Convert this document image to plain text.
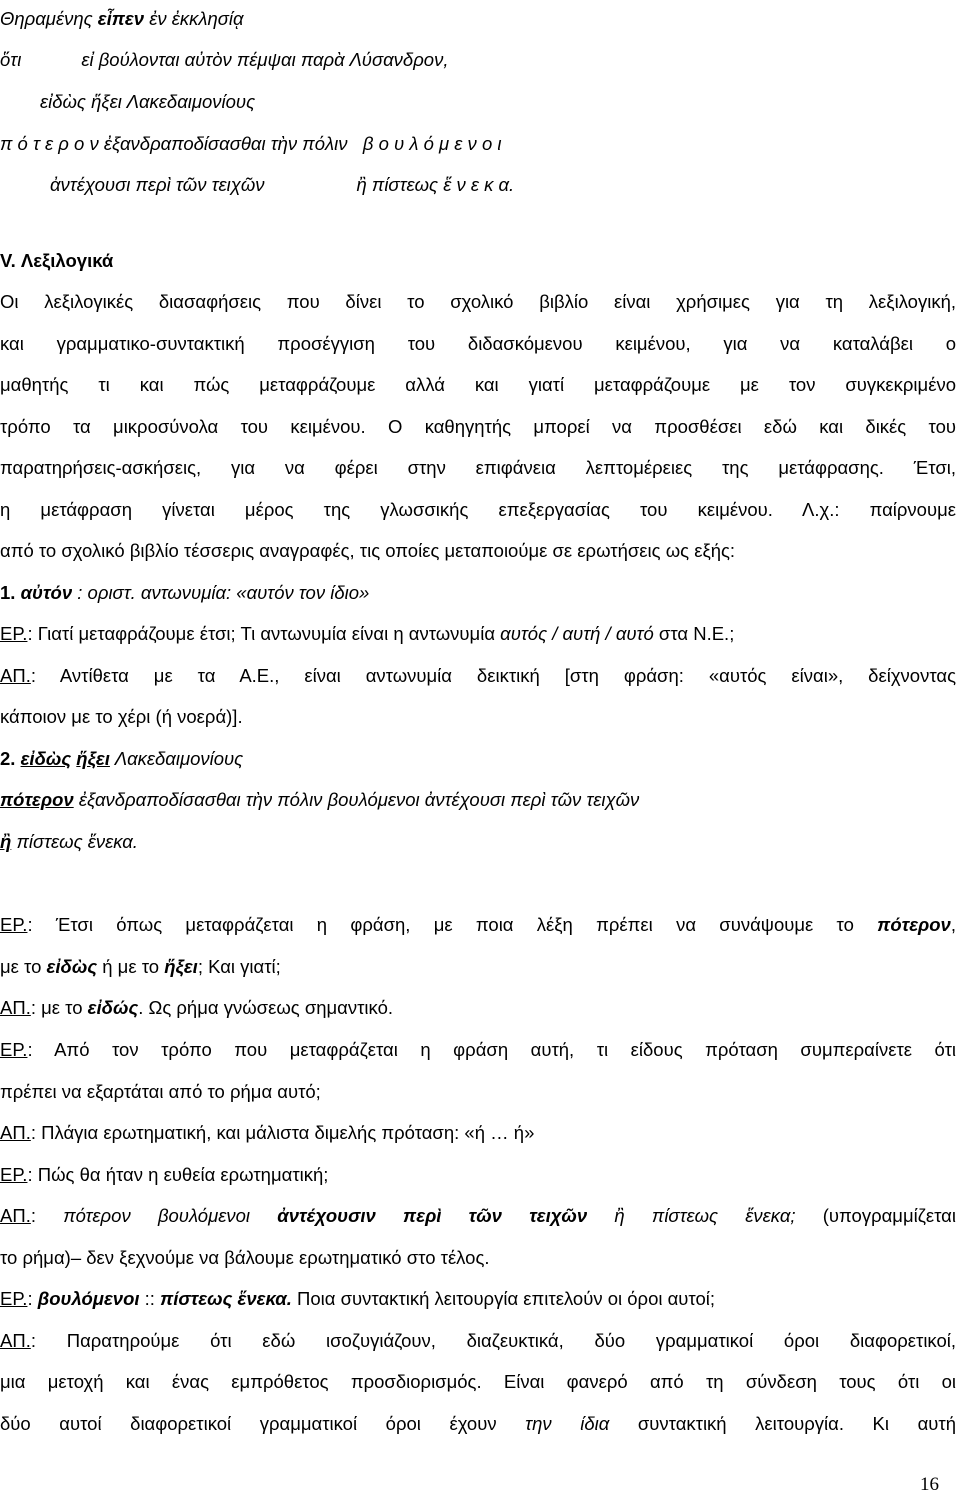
Θηραμένης εἶπεν ἐν ἐκκλησίᾳ
ὅτι	εἰ βούλονται αὐτὸν πέμψαι παρὰ Λύσανδρον,
εἰδὼς ἥξει Λακεδαιμονίους
π ό τ ε ρ ο ν ἐξανδραποδίσασθαι τὴν πόλιν β ο υ λ ό μ ε ν ο ι
ἀντέχουσι περὶ τῶν τειχῶν	ἢ πίστεως ἕ ν ε κ α.
V. Λεξιλογικά
Οι λεξιλογικές διασαφήσεις που δίνει το σχολικό βιβλίο είναι χρήσιμες για τη λεξιλογική,
και γραμματικο-συντακτική προσέγγιση του διδασκόμενου κειμένου, για να καταλάβει ο
μαθητής τι και πώς μεταφράζουμε αλλά και γιατί μεταφράζουμε με τον συγκεκριμένο
τρόπο τα μικροσύνολα του κειμένου. Ο καθηγητής μπορεί να προσθέσει εδώ και δικές του
παρατηρήσεις-ασκήσεις, για να φέρει στην επιφάνεια λεπτομέρειες της μετάφρασης. Έτσι,
η μετάφραση γίνεται μέρος της γλωσσικής επεξεργασίας του κειμένου. Λ.χ.: παίρνουμε
από το σχολικό βιβλίο τέσσερις αναγραφές, τις οποίες μεταποιούμε σε ερωτήσεις ως εξής:
1. αὐτόν : οριστ. αντωνυμία: «αυτόν τον ίδιο»
ΕΡ.: Γιατί μεταφράζουμε έτσι; Τι αντωνυμία είναι η αντωνυμία αυτός / αυτή / αυτό στα Ν.Ε.;
ΑΠ.: Αντίθετα με τα Α.Ε., είναι αντωνυμία δεικτική [στη φράση: «αυτός είναι», δείχνοντας
κάποιον με το χέρι (ή νοερά)].
2. εἰδὼς ἥξει Λακεδαιμονίους
πότερον ἐξανδραποδίσασθαι τὴν πόλιν βουλόμενοι ἀντέχουσι περὶ τῶν τειχῶν
ἢ πίστεως ἕνεκα.
ΕΡ.: Έτσι όπως μεταφράζεται η φράση, με ποια λέξη πρέπει να συνάψουμε το πότερον,
με το εἰδὼς ή με το ἥξει; Και γιατί;
ΑΠ.: με το εἰδώς. Ως ρήμα γνώσεως σημαντικό.
ΕΡ.: Από τον τρόπο που μεταφράζεται η φράση αυτή, τι είδους πρόταση συμπεραίνετε ότι
πρέπει να εξαρτάται από το ρήμα αυτό;
ΑΠ.: Πλάγια ερωτηματική, και μάλιστα διμελής πρόταση: «ή … ή»
ΕΡ.: Πώς θα ήταν η ευθεία ερωτηματική;
ΑΠ.: πότερον βουλόμενοι ἀντέχουσιν περὶ τῶν τειχῶν ἢ πίστεως ἕνεκα; (υπογραμμίζεται
το ρήμα)– δεν ξεχνούμε να βάλουμε ερωτηματικό στο τέλος.
ΕΡ.: βουλόμενοι :: πίστεως ἕνεκα. Ποια συντακτική λειτουργία επιτελούν οι όροι αυτοί;
ΑΠ.: Παρατηρούμε ότι εδώ ισοζυγιάζουν, διαζευκτικά, δύο γραμματικοί όροι διαφορετικοί,
μια μετοχή και ένας εμπρόθετος προσδιορισμός. Είναι φανερό από τη σύνδεση τους ότι οι
δύο αυτοί διαφορετικοί γραμματικοί όροι έχουν την ίδια συντακτική λειτουργία. Κι αυτή
16
